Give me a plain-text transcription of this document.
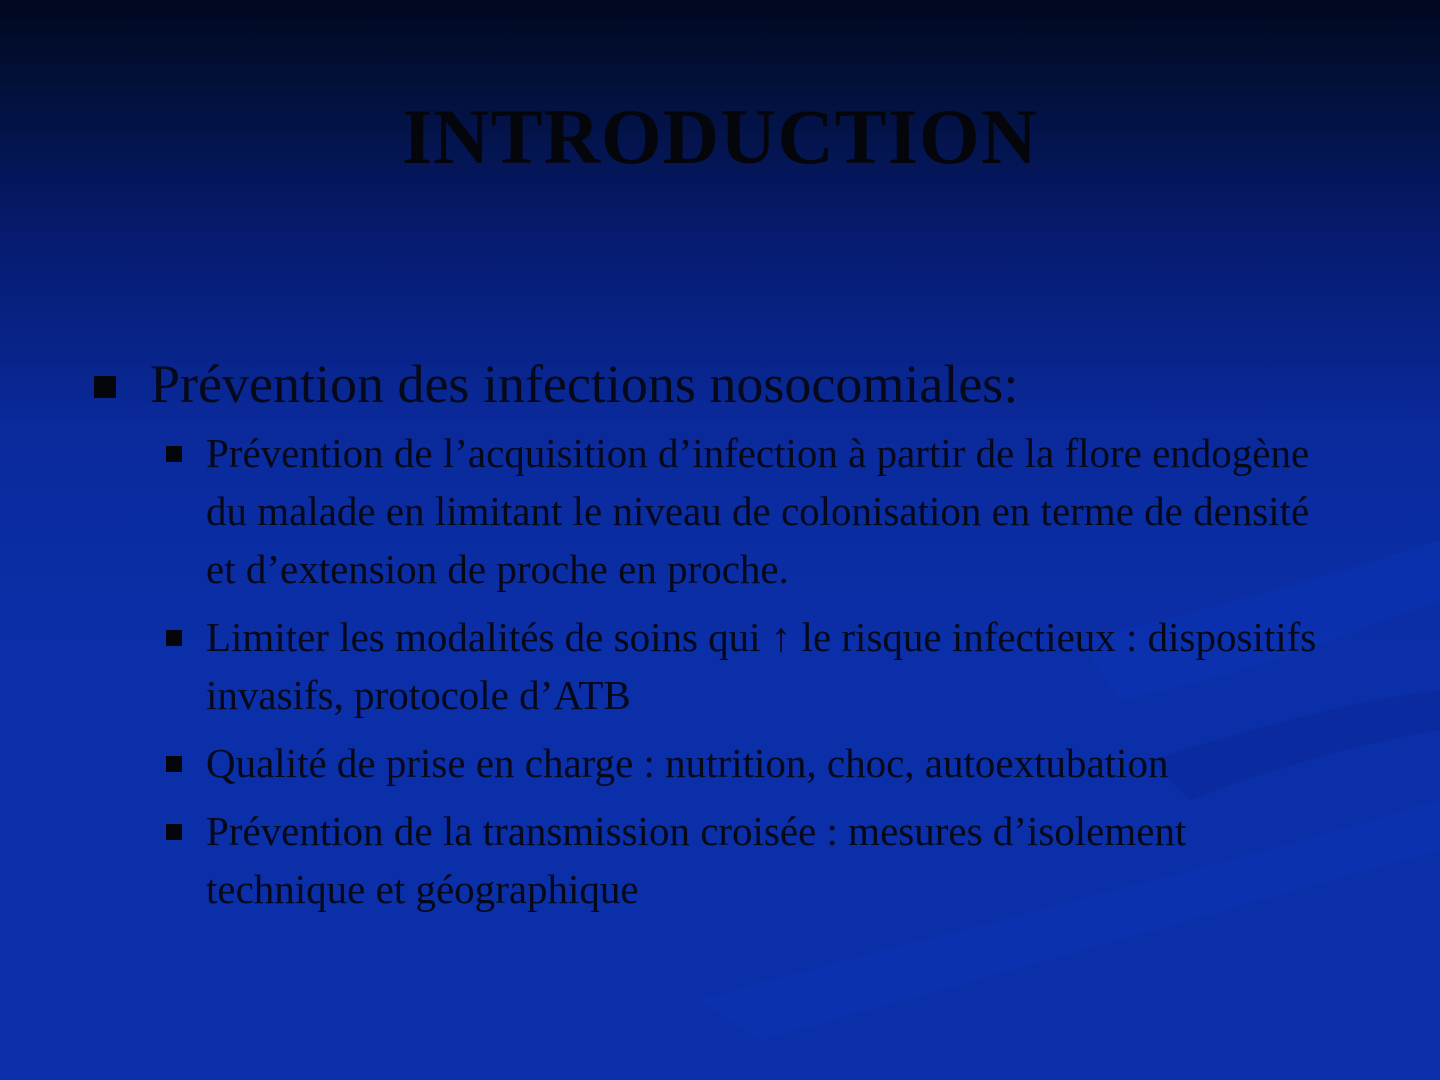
INTRODUCTION
Prévention des infections nosocomiales:
Prévention de l’acquisition d’infection à partir de la flore endogène du malade en limitant le niveau de colonisation en terme de densité et d’extension de proche en proche.
Limiter les modalités de soins qui ↑ le risque infectieux : dispositifs invasifs, protocole d’ATB
Qualité de prise en charge : nutrition, choc, autoextubation
Prévention de la transmission croisée : mesures d’isolement technique et géographique
